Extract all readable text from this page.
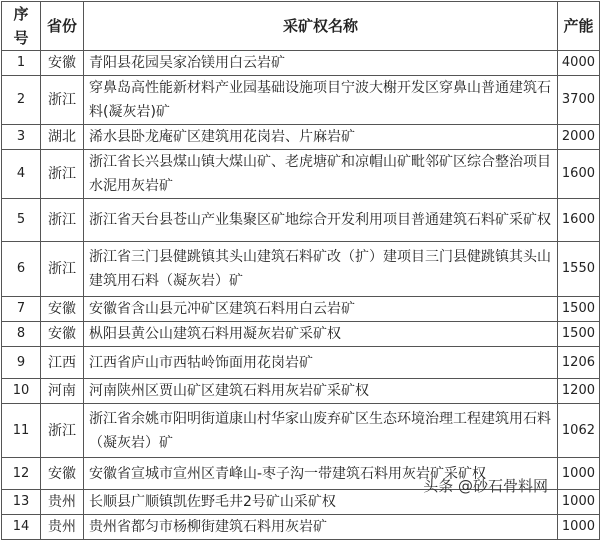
序号	省份	采矿权名称	产能
1	安徽	青阳县花园吴家冶镁用白云岩矿	4000
2	浙江	穿鼻岛高性能新材料产业园基础设施项目宁波大榭开发区穿鼻山普通建筑石料(凝灰岩)矿	3700
3	湖北	浠水县卧龙庵矿区建筑用花岗岩、片麻岩矿	2000
4	浙江	浙江省长兴县煤山镇大煤山矿、老虎塘矿和凉帽山矿毗邻矿区综合整治项目水泥用灰岩矿	1600
5	浙江	浙江省天台县苍山产业集聚区矿地综合开发利用项目普通建筑石料矿采矿权	1600
6	浙江	浙江省三门县健跳镇其头山建筑石料矿改（扩）建项目三门县健跳镇其头山建筑用石料（凝灰岩）矿	1550
7	安徽	安徽省含山县元冲矿区建筑石料用白云岩矿	1500
8	安徽	枞阳县黄公山建筑石料用凝灰岩矿采矿权	1500
9	江西	江西省庐山市西牯岭饰面用花岗岩矿	1206
10	河南	河南陕州区贾山矿区建筑石料用灰岩矿采矿权	1200
11	浙江	浙江省余姚市阳明街道康山村华家山废弃矿区生态环境治理工程建筑用石料（凝灰岩）矿	1062
12	安徽	安徽省宣城市宣州区青峰山-枣子沟一带建筑石料用灰岩矿采矿权	1000
13	贵州	长顺县广顺镇凯佐野毛井2号矿山采矿权	1000
14	贵州	贵州省都匀市杨柳街建筑石料用灰岩矿	1000
头条 @砂石骨料网
